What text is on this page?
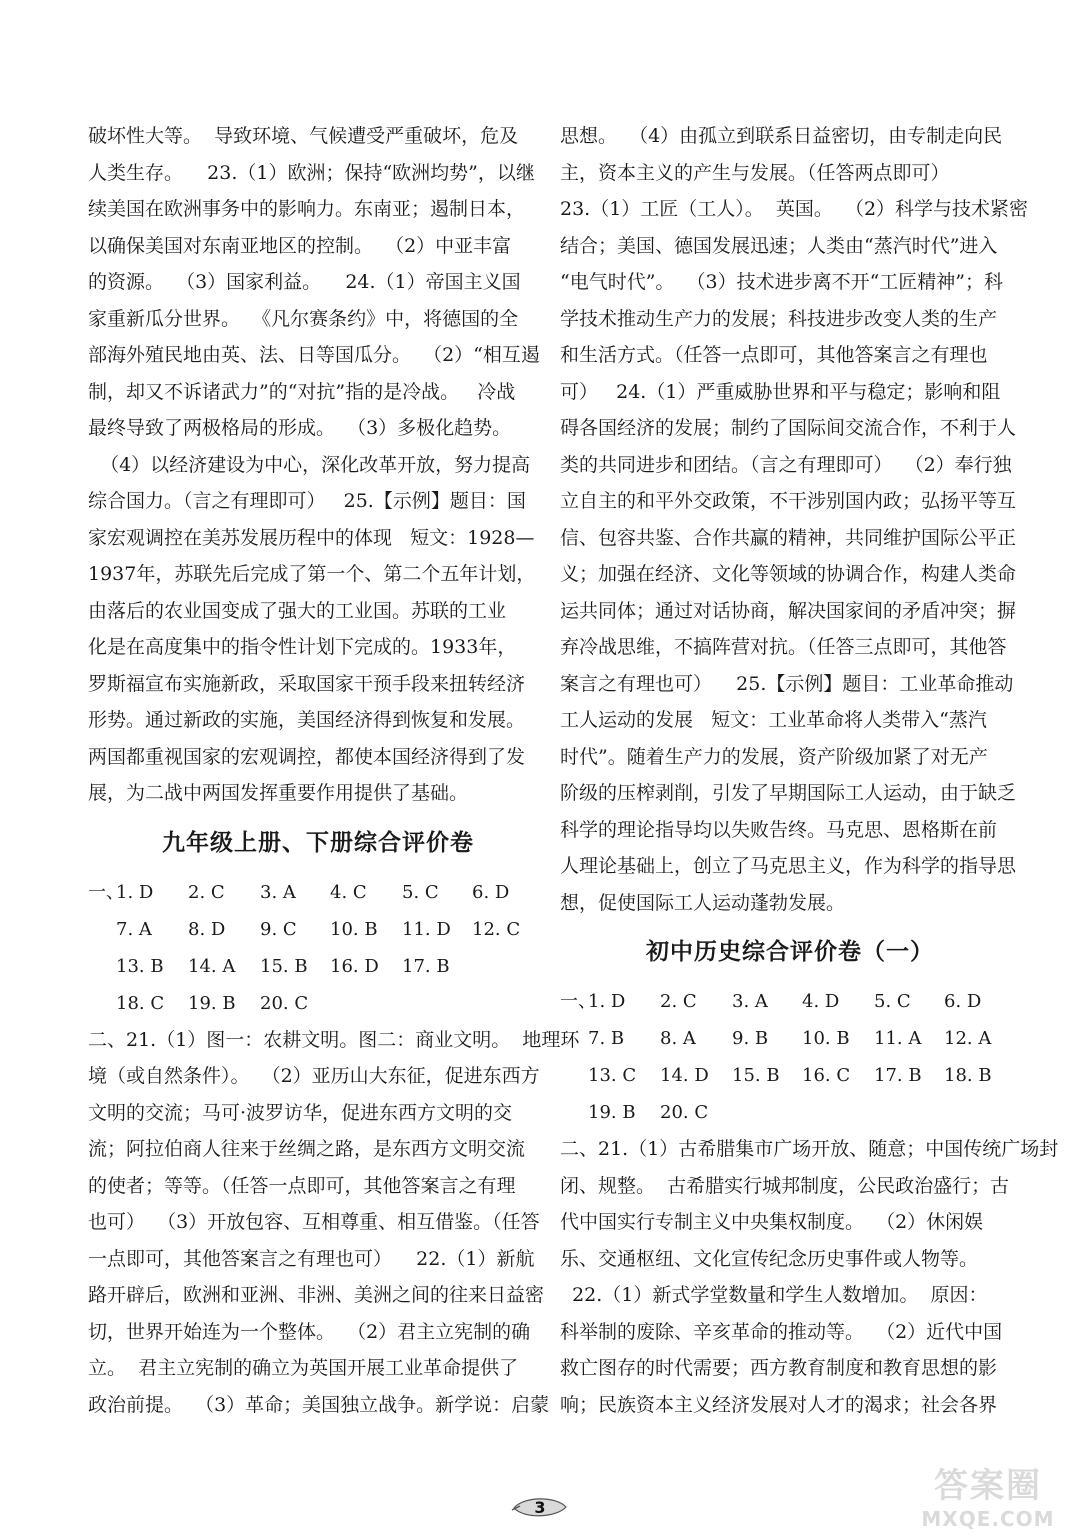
破坏性大等。  导致环境、气候遭受严重破坏，危及
人类生存。    23.（1）欧洲；保持“欧洲均势”，以继
续美国在欧洲事务中的影响力。东南亚；遏制日本，
以确保美国对东南亚地区的控制。  （2）中亚丰富
的资源。  （3）国家利益。    24.（1）帝国主义国
家重新瓜分世界。  《凡尔赛条约》中，将德国的全
部海外殖民地由英、法、日等国瓜分。  （2）“相互遏
制，却又不诉诸武力”的“对抗”指的是冷战。   冷战
最终导致了两极格局的形成。  （3）多极化趋势。
（4）以经济建设为中心，深化改革开放，努力提高
综合国力。（言之有理即可）   25.【示例】题目：国
家宏观调控在美苏发展历程中的体现   短文：1928—
1937年，苏联先后完成了第一个、第二个五年计划，
由落后的农业国变成了强大的工业国。苏联的工业
化是在高度集中的指令性计划下完成的。1933年，
罗斯福宣布实施新政，采取国家干预手段来扭转经济
形势。通过新政的实施，美国经济得到恢复和发展。
两国都重视国家的宏观调控，都使本国经济得到了发
展，为二战中两国发挥重要作用提供了基础。
九年级上册、下册综合评价卷
一、1. D 2. C 3. A 4. C 5. C 6. D
7. A 8. D 9. C 10. B 11. D 12. C
13. B 14. A 15. B 16. D 17. B
18. C 19. B 20. C
二、21.（1）图一：农耕文明。图二：商业文明。  地理环
境（或自然条件）。  （2）亚历山大东征，促进东西方
文明的交流；马可·波罗访华，促进东西方文明的交
流；阿拉伯商人往来于丝绸之路，是东西方文明交流
的使者；等等。（任答一点即可，其他答案言之有理
也可）  （3）开放包容、互相尊重、相互借鉴。（任答
一点即可，其他答案言之有理也可）    22.（1）新航
路开辟后，欧洲和亚洲、非洲、美洲之间的往来日益密
切，世界开始连为一个整体。  （2）君主立宪制的确
立。  君主立宪制的确立为英国开展工业革命提供了
政治前提。  （3）革命；美国独立战争。新学说：启蒙
思想。  （4）由孤立到联系日益密切，由专制走向民
主，资本主义的产生与发展。（任答两点即可）
23.（1）工匠（工人）。  英国。  （2）科学与技术紧密
结合；美国、德国发展迅速；人类由“蒸汽时代”进入
“电气时代”。  （3）技术进步离不开“工匠精神”；科
学技术推动生产力的发展；科技进步改变人类的生产
和生活方式。（任答一点即可，其他答案言之有理也
可）   24.（1）严重威胁世界和平与稳定；影响和阻
碍各国经济的发展；制约了国际间交流合作，不利于人
类的共同进步和团结。（言之有理即可）  （2）奉行独
立自主的和平外交政策，不干涉别国内政；弘扬平等互
信、包容共鉴、合作共赢的精神，共同维护国际公平正
义；加强在经济、文化等领域的协调合作，构建人类命
运共同体；通过对话协商，解决国家间的矛盾冲突；摒
弃冷战思维，不搞阵营对抗。（任答三点即可，其他答
案言之有理也可）    25.【示例】题目：工业革命推动
工人运动的发展   短文：工业革命将人类带入“蒸汽
时代”。随着生产力的发展，资产阶级加紧了对无产
阶级的压榨剥削，引发了早期国际工人运动，由于缺乏
科学的理论指导均以失败告终。马克思、恩格斯在前
人理论基础上，创立了马克思主义，作为科学的指导思
想，促使国际工人运动蓬勃发展。
初中历史综合评价卷（一）
一、1. D 2. C 3. A 4. D 5. C 6. D
7. B 8. A 9. B 10. B 11. A 12. A
13. C 14. D 15. B 16. C 17. B 18. B
19. B 20. C
二、21.（1）古希腊集市广场开放、随意；中国传统广场封
闭、规整。  古希腊实行城邦制度，公民政治盛行；古
代中国实行专制主义中央集权制度。  （2）休闲娱
乐、交通枢纽、文化宣传纪念历史事件或人物等。
22.（1）新式学堂数量和学生人数增加。  原因：
科举制的废除、辛亥革命的推动等。  （2）近代中国
救亡图存的时代需要；西方教育制度和教育思想的影
响；民族资本主义经济发展对人才的渴求；社会各界
3
答案圈
MXQE.COM
